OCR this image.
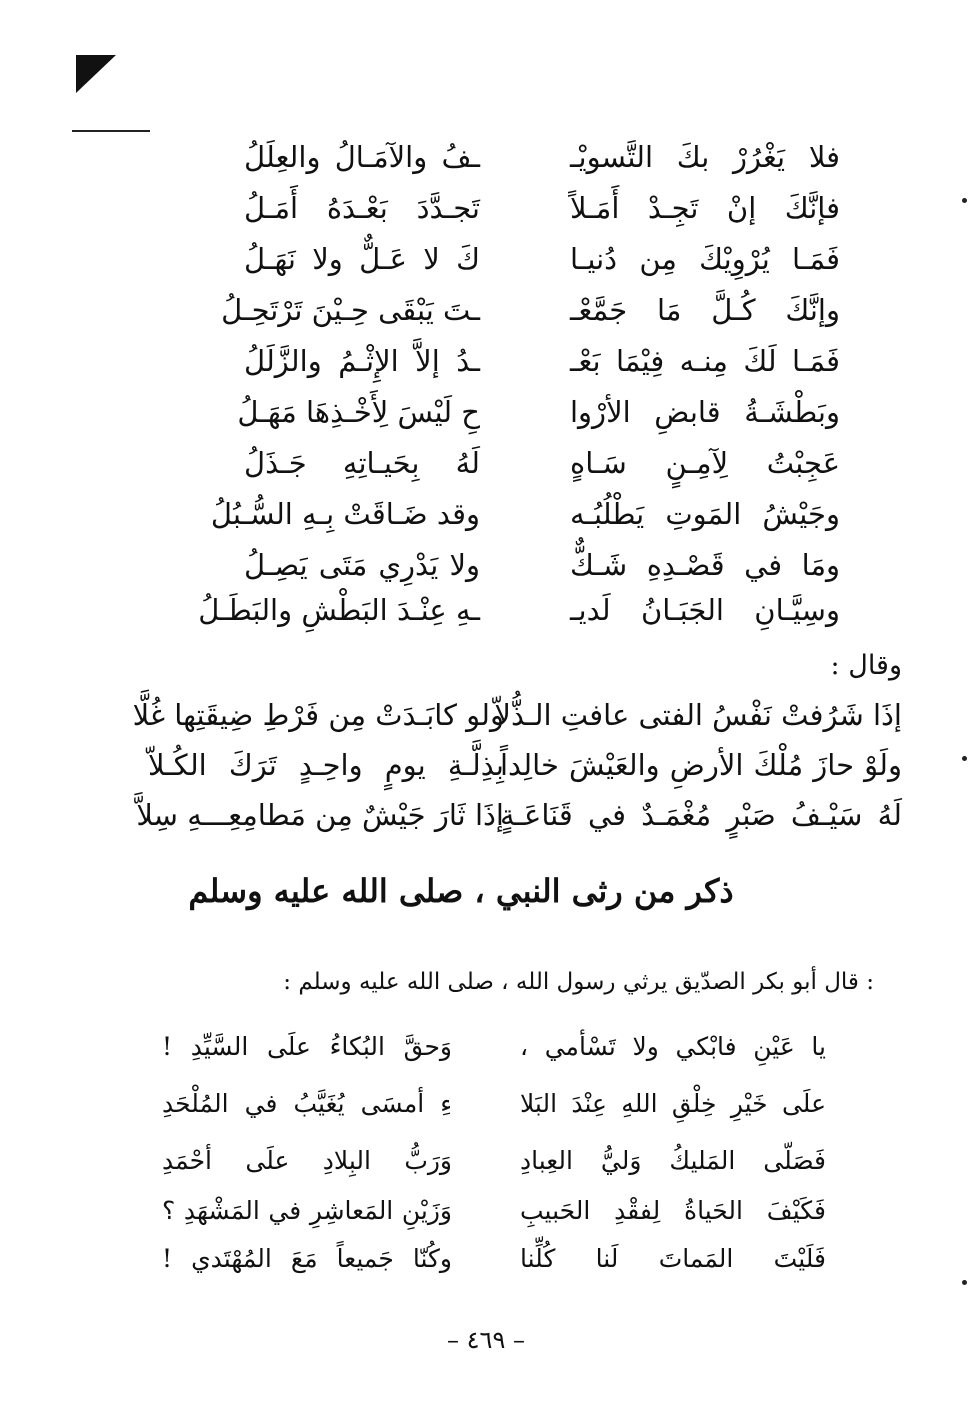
فلا يَغْرُرْ بكَ التَّسويْـ
ـفُ والآمَـالُ والعِلَلُ
فإنَّكَ إنْ تَجِـدْ أَمَـلاً
تَجـدَّدَ بَعْـدَهُ أَمَـلُ
فَمَـا يُرْوِيْكَ مِن دُنيـا
كَ لا عَـلٌّ ولا نَهَـلُ
وإنَّكَ كُـلَّ مَا جَمَّعْـ
ـتَ يَبْقَى حِـيْنَ تَرْتَحِـلُ
فَمَـا لَكَ مِنـه فِيْمَا بَعْـ
ـدُ إلاَّ الإِثْـمُ والزَّلَلُ
وبَطْشَـةُ قابضِ الأرْوا
حِ لَيْسَ لِأَخْـذِهَا مَهَـلُ
عَجِبْتُ لِآمِـنٍ سَـاهٍ
لَهُ بِحَيـاتِهِ جَـذَلُ
وجَيْشُ المَوتِ يَطْلُبُـه
وقد ضَـاقَتْ بِـهِ السُّـبُلُ
ومَا في قَصْـدِهِ شَـكٌّ
ولا يَدْرِي مَتَى يَصِـلُ
وسِيَّـانِ الجَبَـانُ لَديـ
ـهِ عِنْـدَ البَطْشِ والبَطَـلُ
وقال :
إذَا شَرُفتْ نَفْسُ الفتى عافتِ الـذُّلاّ
ولو كابَـدَتْ مِن فَرْطِ ضِيقَتِها غُلَّا
ولَوْ حازَ مُلْكَ الأرضِ والعَيْشَ خالِداً
بِذِلَّـةِ يومٍ واحِـدٍ تَرَكَ الكُـلاّ
لَهُ سَيْـفُ صَبْرٍ مُغْمَـدٌ في قَنَاعَـةٍ
إذَا ثَارَ جَيْشٌ مِن مَطامِعِـــهِ سِلاَّ
ذكر من رثى النبي ، صلى الله عليه وسلم
: قال أبو بكر الصدّيق يرثي رسول الله ، صلى الله عليه وسلم :
يا عَيْنِ فابْكي ولا تَسْأمي ،
وَحقَّ البُكاءُ علَى السَّيِّدِ !
علَى خَيْرِ خِلْقِ اللهِ عِنْدَ البَلا
ءِ أمسَى يُغَيَّبُ في المُلْحَدِ
فَصَلّى المَليكُ وَليُّ العِبادِ
وَرَبُّ البِلادِ علَى أحْمَدِ
فَكَيْفَ الحَياةُ لِفقْدِ الحَبيبِ
وَزَيْنِ المَعاشِرِ في المَشْهَدِ ؟
فَلَيْتَ المَماتَ لَنا كُلِّنا
وكُنّا جَميعاً مَعَ المُهْتَدي !
– ٤٦٩ –
